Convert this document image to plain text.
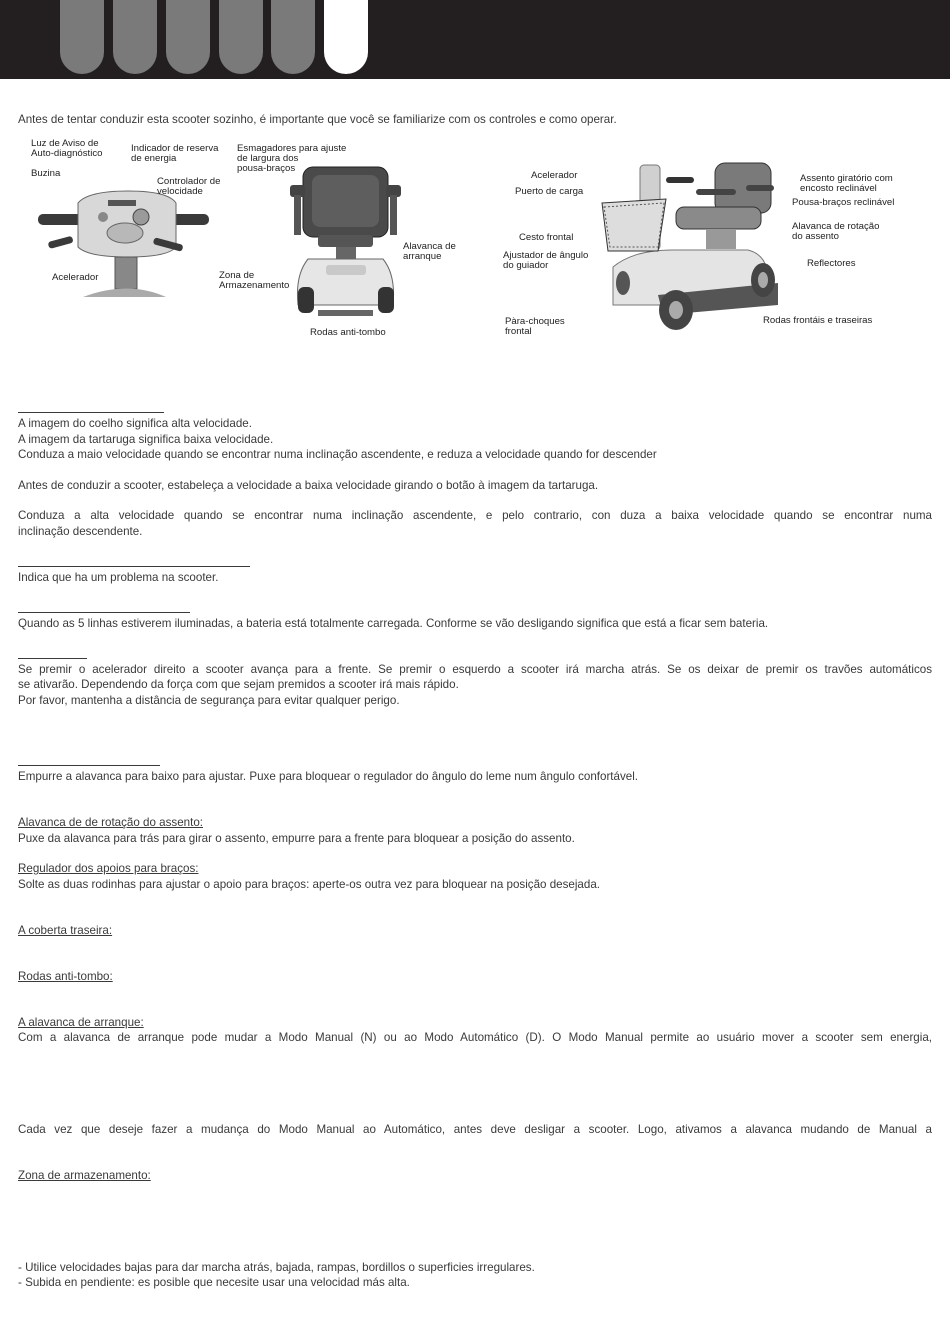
Antes de tentar conduzir esta scooter sozinho, é importante que você se familiarize com os controles e como operar.
Luz de Aviso de
Auto-diagnóstico	Indicador de reserva
de energia
Buzina
Controlador de
velocidade
Acelerador
Esmagadores para ajuste
de largura dos
pousa-braços
Alavanca de
arranque
Zona de
Armazenamento
Rodas anti-tombo
Acelerador
Puerto de carga
Cesto frontal
Ajustador de ângulo
do guiador
Pàra-choques
frontal
Assento giratório com
encosto reclinável
Pousa-braços reclinável
Alavanca de rotação
do assento
Reflectores
Rodas frontáis e traseiras
A imagem do coelho significa alta velocidade.
A imagem da tartaruga significa baixa velocidade.
Conduza a maio velocidade quando se encontrar numa inclinação ascendente, e reduza a velocidade quando for descender
Antes de conduzir a scooter, estabeleça a velocidade a baixa velocidade girando o botão à imagem da tartaruga.
Conduza a alta velocidade quando se encontrar numa inclinação ascendente, e pelo contrario, con duza a baixa velocidade quando se encontrar numa
inclinação descendente.
Indica que ha um problema na scooter.
Quando as 5 linhas estiverem iluminadas, a bateria está totalmente carregada. Conforme se vão desligando significa que está a ficar sem bateria.
Se premir o acelerador direito a scooter avança para a frente. Se premir o esquerdo a scooter irá marcha atrás. Se os deixar de premir os travões automáticos
se ativarão. Dependendo da força com que sejam premidos a scooter irá mais rápido.
Por favor, mantenha a distância de segurança para evitar qualquer perigo.
Empurre a alavanca para baixo para ajustar. Puxe para bloquear o regulador do ângulo do leme num ângulo confortável.
Alavanca de de rotação do assento:
Puxe da alavanca para trás para girar o assento, empurre para a frente para bloquear a posição do assento.
Regulador dos apoios para braços:
Solte as duas rodinhas para ajustar o apoio para braços: aperte-os outra vez para bloquear na posição desejada.
A coberta traseira:
Rodas anti-tombo:
A alavanca de arranque:
Com a alavanca de arranque pode mudar a Modo Manual (N) ou ao Modo Automático (D). O Modo Manual permite ao usuário mover a scooter sem energia,
Cada vez que deseje fazer a mudança do Modo Manual ao Automático, antes deve desligar a scooter. Logo, ativamos a alavanca mudando de Manual a
Zona de armazenamento:
- Utilice velocidades bajas para dar marcha atrás, bajada, rampas, bordillos o superficies irregulares.
- Subida en pendiente: es posible que necesite usar una velocidad más alta.
